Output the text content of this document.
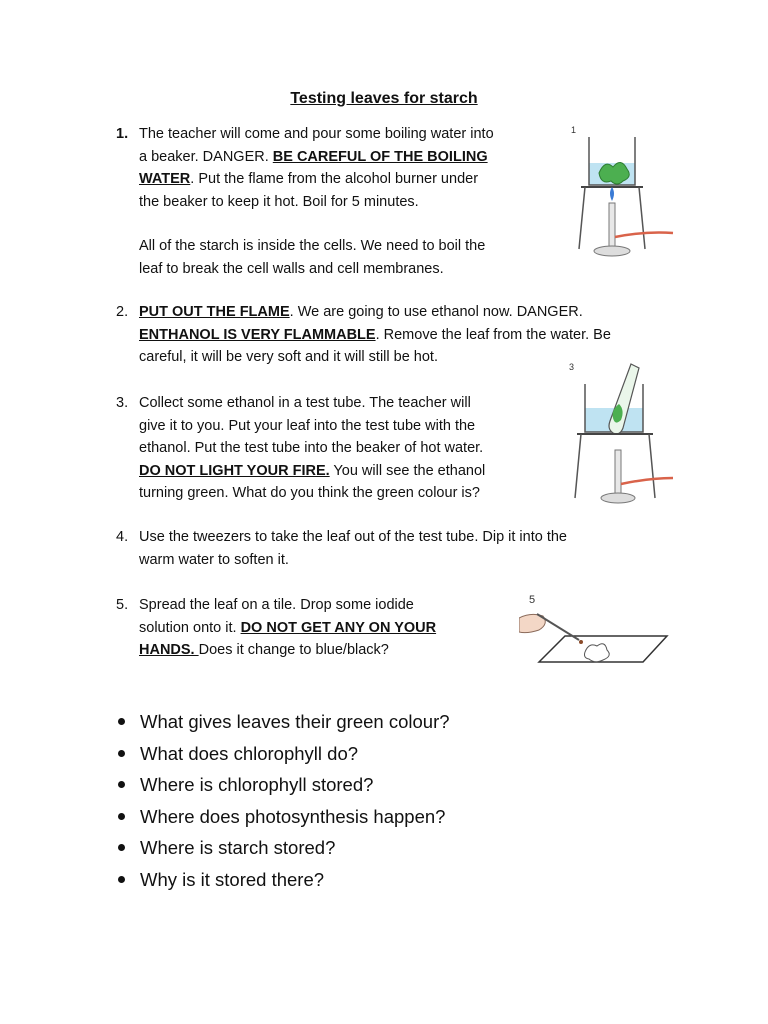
Testing leaves for starch
1. The teacher will come and pour some boiling water into

a beaker. DANGER. BE CAREFUL OF THE BOILING

WATER. Put the flame from the alcohol burner under

the beaker to keep it hot. Boil for 5 minutes.

All of the starch is inside the cells. We need to boil the

leaf to break the cell walls and cell membranes.

2. PUT OUT THE FLAME. We are going to use ethanol now. DANGER.

ENTHANOL IS VERY FLAMMABLE. Remove the leaf from the water. Be

careful, it will be very soft and it will still be hot.

3. Collect some ethanol in a test tube. The teacher will

give it to you. Put your leaf into the test tube with the

ethanol. Put the test tube into the beaker of hot water.

DO NOT LIGHT YOUR FIRE. You will see the ethanol

turning green. What do you think the green colour is?

4. Use the tweezers to take the leaf out of the test tube. Dip it into the

warm water to soften it.

5. Spread the leaf on a tile. Drop some iodide

solution onto it. DO NOT GET ANY ON YOUR

HANDS. Does it change to blue/black?

1
3
5
What gives leaves their green colour?
What does chlorophyll do?
Where is chlorophyll stored?
Where does photosynthesis happen?
Where is starch stored?
Why is it stored there?
